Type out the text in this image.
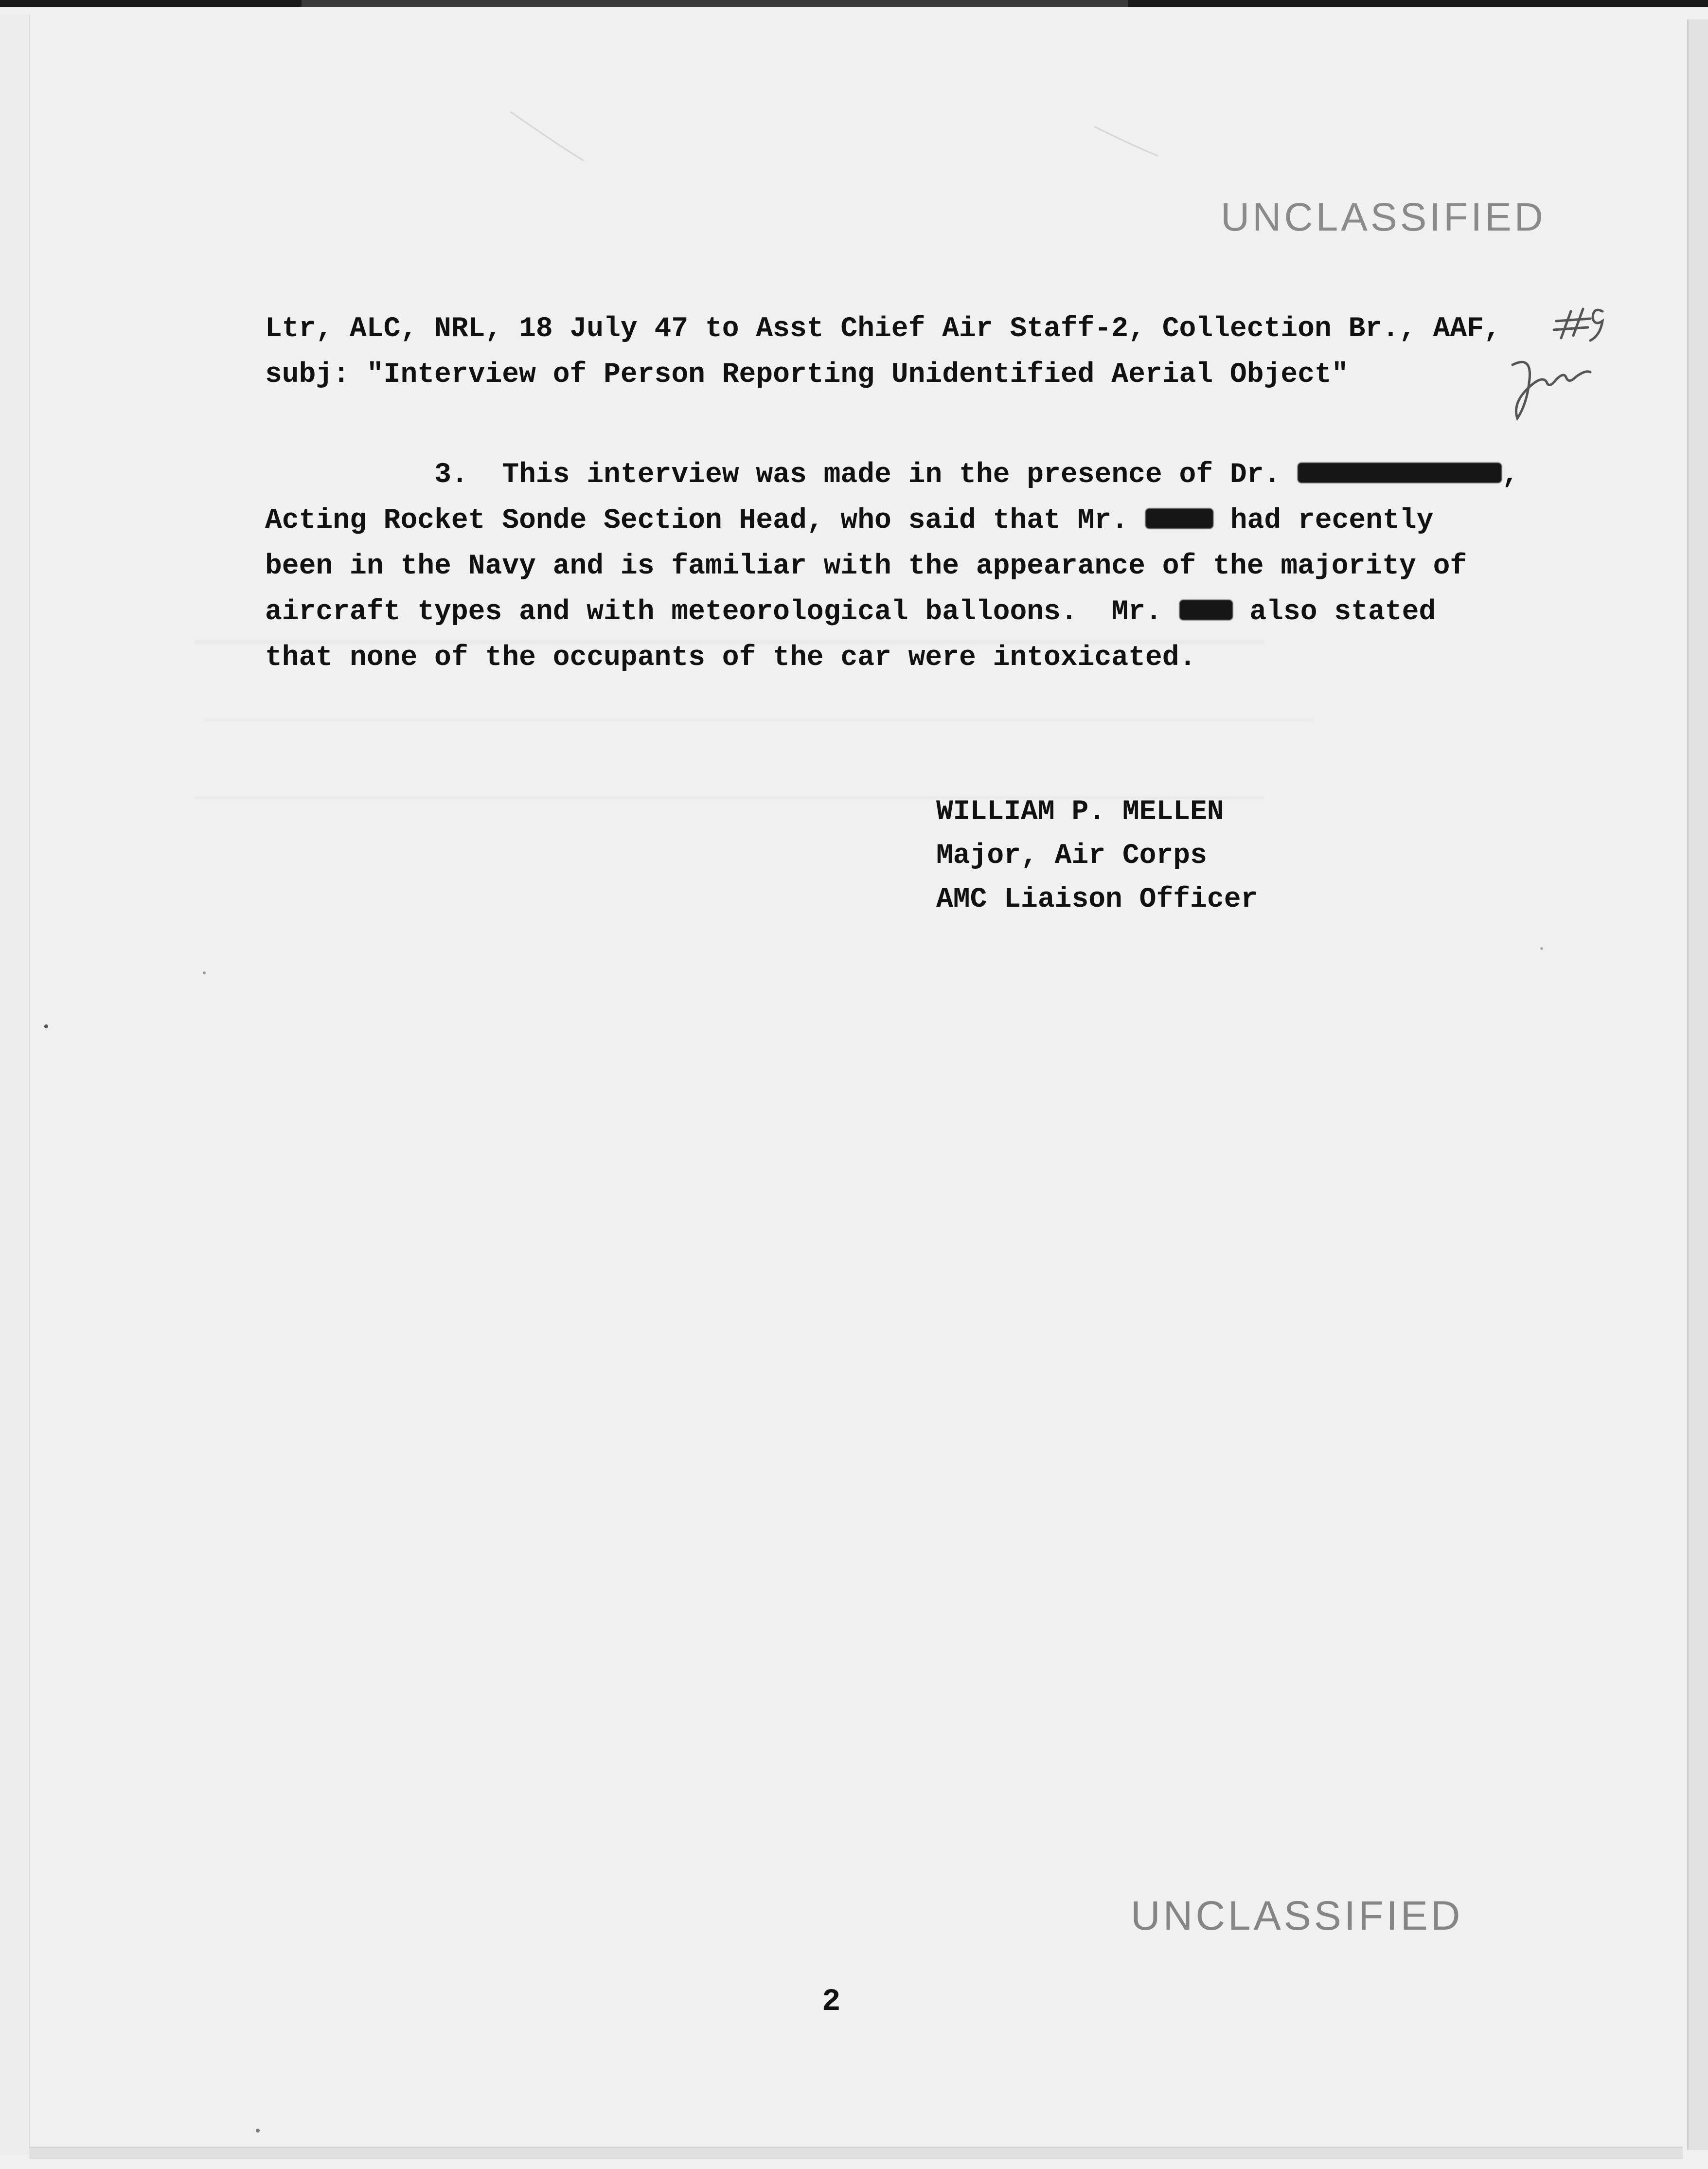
UNCLASSIFIED
Ltr, ALC, NRL, 18 July 47 to Asst Chief Air Staff-2, Collection Br., AAF,
subj: "Interview of Person Reporting Unidentified Aerial Object"
3. This interview was made in the presence of Dr.	,
Acting Rocket Sonde Section Head, who said that Mr.  had recently
been in the Navy and is familiar with the appearance of the majority of
aircraft types and with meteorological balloons.  Mr.  also stated
that none of the occupants of the car were intoxicated.
WILLIAM P. MELLEN
Major, Air Corps
AMC Liaison Officer
UNCLASSIFIED
2
